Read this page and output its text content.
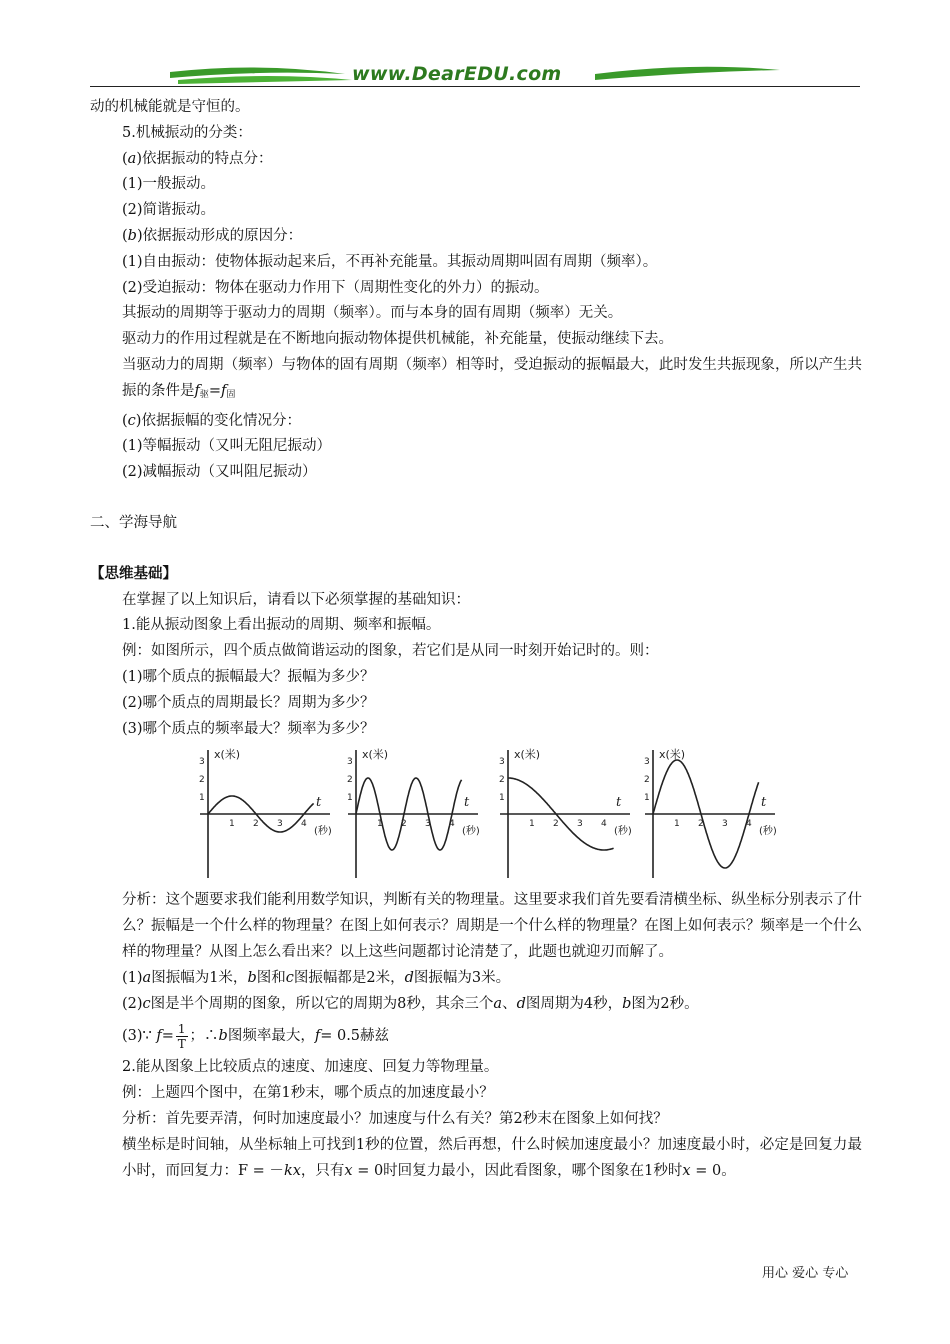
www.DearEDU.com
动的机械能就是守恒的。
5.机械振动的分类：
(a)依据振动的特点分：
(1)一般振动。
(2)简谐振动。
(b)依据振动形成的原因分：
(1)自由振动：使物体振动起来后，不再补充能量。其振动周期叫固有周期（频率）。
(2)受迫振动：物体在驱动力作用下（周期性变化的外力）的振动。
其振动的周期等于驱动力的周期（频率）。而与本身的固有周期（频率）无关。
驱动力的作用过程就是在不断地向振动物体提供机械能，补充能量，使振动继续下去。
当驱动力的周期（频率）与物体的固有周期（频率）相等时，受迫振动的振幅最大，此时发生共振现象，所以产生共振的条件是$f_驱=f_固$
(c)依据振幅的变化情况分：
(1)等幅振动（又叫无阻尼振动）
(2)减幅振动（又叫阻尼振动）
二、学海导航
【思维基础】
在掌握了以上知识后，请看以下必须掌握的基础知识：
1.能从振动图象上看出振动的周期、频率和振幅。
例：如图所示，四个质点做简谐运动的图象，若它们是从同一时刻开始记时的。则：
(1)哪个质点的振幅最大？振幅为多少？
(2)哪个质点的周期最长？周期为多少？
(3)哪个质点的频率最大？频率为多少？
x(米)
t
(秒)
1 2 3 4
1
2
3
x(米)
t
(秒)
1 2 3 4
1
2
3
x(米)
t
(秒)
1 2 3 4
1
2
3
x(米)
t
(秒)
1 2 3 4
1
2
3
分析：这个题要求我们能利用数学知识，判断有关的物理量。这里要求我们首先要看清横坐标、纵坐标分别表示了什么？振幅是一个什么样的物理量？在图上如何表示？周期是一个什么样的物理量？在图上如何表示？频率是一个什么样的物理量？从图上怎么看出来？以上这些问题都讨论清楚了，此题也就迎刃而解了。
(1)a图振幅为1米，b图和c图振幅都是2米，d图振幅为3米。
(2)c图是半个周期的图象，所以它的周期为8秒，其余三个a、d图周期为4秒，b图为2秒。
(3)∵ $f= \frac{1}{T}$ ；∴b图频率最大，f= 0.5赫兹
2.能从图象上比较质点的速度、加速度、回复力等物理量。
例：上题四个图中，在第1秒末，哪个质点的加速度最小？
分析：首先要弄清，何时加速度最小？加速度与什么有关？第2秒末在图象上如何找？
横坐标是时间轴，从坐标轴上可找到1秒的位置，然后再想，什么时候加速度最小？加速度最小时，必定是回复力最小时，而回复力：F = －kx，只有x = 0时回复力最小，因此看图象，哪个图象在1秒时x = 0。
用心 爱心 专心
